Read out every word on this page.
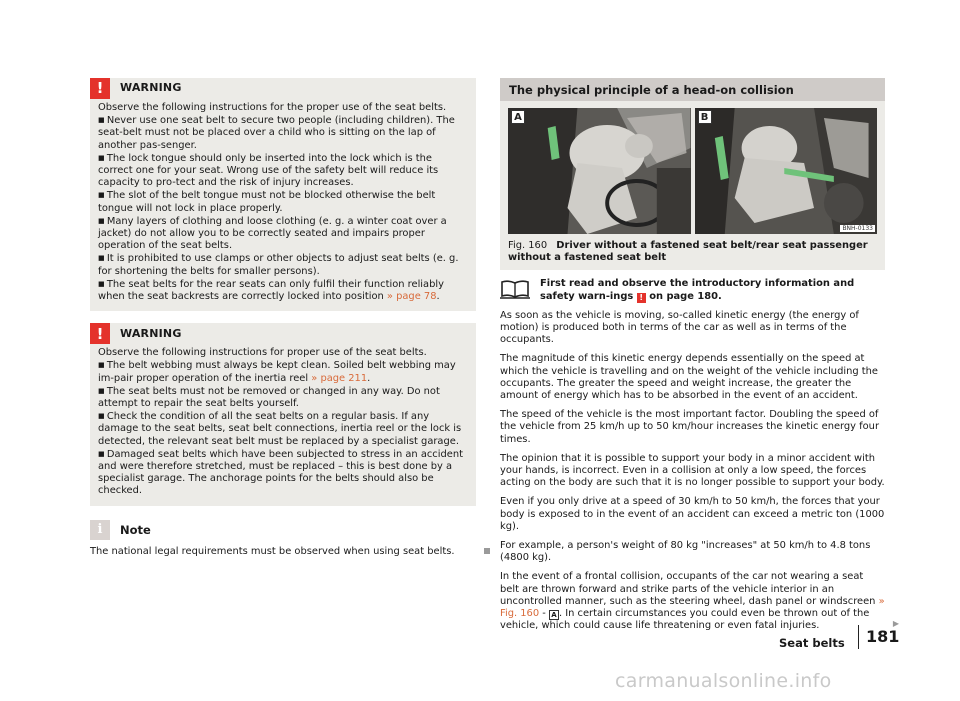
!	WARNING
Observe the following instructions for the proper use of the seat belts.
■ Never use one seat belt to secure two people (including children). The seat-belt must not be placed over a child who is sitting on the lap of another pas-senger.
■ The lock tongue should only be inserted into the lock which is the correct one for your seat. Wrong use of the safety belt will reduce its capacity to pro-tect and the risk of injury increases.
■ The slot of the belt tongue must not be blocked otherwise the belt tongue will not lock in place properly.
■ Many layers of clothing and loose clothing (e. g. a winter coat over a jacket) do not allow you to be correctly seated and impairs proper operation of the seat belts.
■ It is prohibited to use clamps or other objects to adjust seat belts (e. g. for shortening the belts for smaller persons).
■ The seat belts for the rear seats can only fulfil their function reliably when the seat backrests are correctly locked into position » page 78.
!	WARNING
Observe the following instructions for proper use of the seat belts.
■ The belt webbing must always be kept clean. Soiled belt webbing may im-pair proper operation of the inertia reel » page 211.
■ The seat belts must not be removed or changed in any way. Do not attempt to repair the seat belts yourself.
■ Check the condition of all the seat belts on a regular basis. If any damage to the seat belts, seat belt connections, inertia reel or the lock is detected, the relevant seat belt must be replaced by a specialist garage.
■ Damaged seat belts which have been subjected to stress in an accident and were therefore stretched, must be replaced – this is best done by a specialist garage. The anchorage points for the belts should also be checked.
i	Note
The national legal requirements must be observed when using seat belts.
The physical principle of a head-on collision
A	B
BNH-0133
Fig. 160 Driver without a fastened seat belt/rear seat passenger without a fastened seat belt
First read and observe the introductory information and safety warn-ings ! on page 180.
As soon as the vehicle is moving, so-called kinetic energy (the energy of motion) is produced both in terms of the car as well as in terms of the occupants.
The magnitude of this kinetic energy depends essentially on the speed at which the vehicle is travelling and on the weight of the vehicle including the occupants. The greater the speed and weight increase, the greater the amount of energy which has to be absorbed in the event of an accident.
The speed of the vehicle is the most important factor. Doubling the speed of the vehicle from 25 km/h up to 50 km/hour increases the kinetic energy four times.
The opinion that it is possible to support your body in a minor accident with your hands, is incorrect. Even in a collision at only a low speed, the forces acting on the body are such that it is no longer possible to support your body.
Even if you only drive at a speed of 30 km/h to 50 km/h, the forces that your body is exposed to in the event of an accident can exceed a metric ton (1000 kg).
For example, a person's weight of 80 kg "increases" at 50 km/h to 4.8 tons (4800 kg).
In the event of a frontal collision, occupants of the car not wearing a seat belt are thrown forward and strike parts of the vehicle interior in an uncontrolled manner, such as the steering wheel, dash panel or windscreen » Fig. 160 - A . In certain circumstances you could even be thrown out of the vehicle, which could cause life threatening or even fatal injuries.	▶
Seat belts 181
carmanualsonline.info
